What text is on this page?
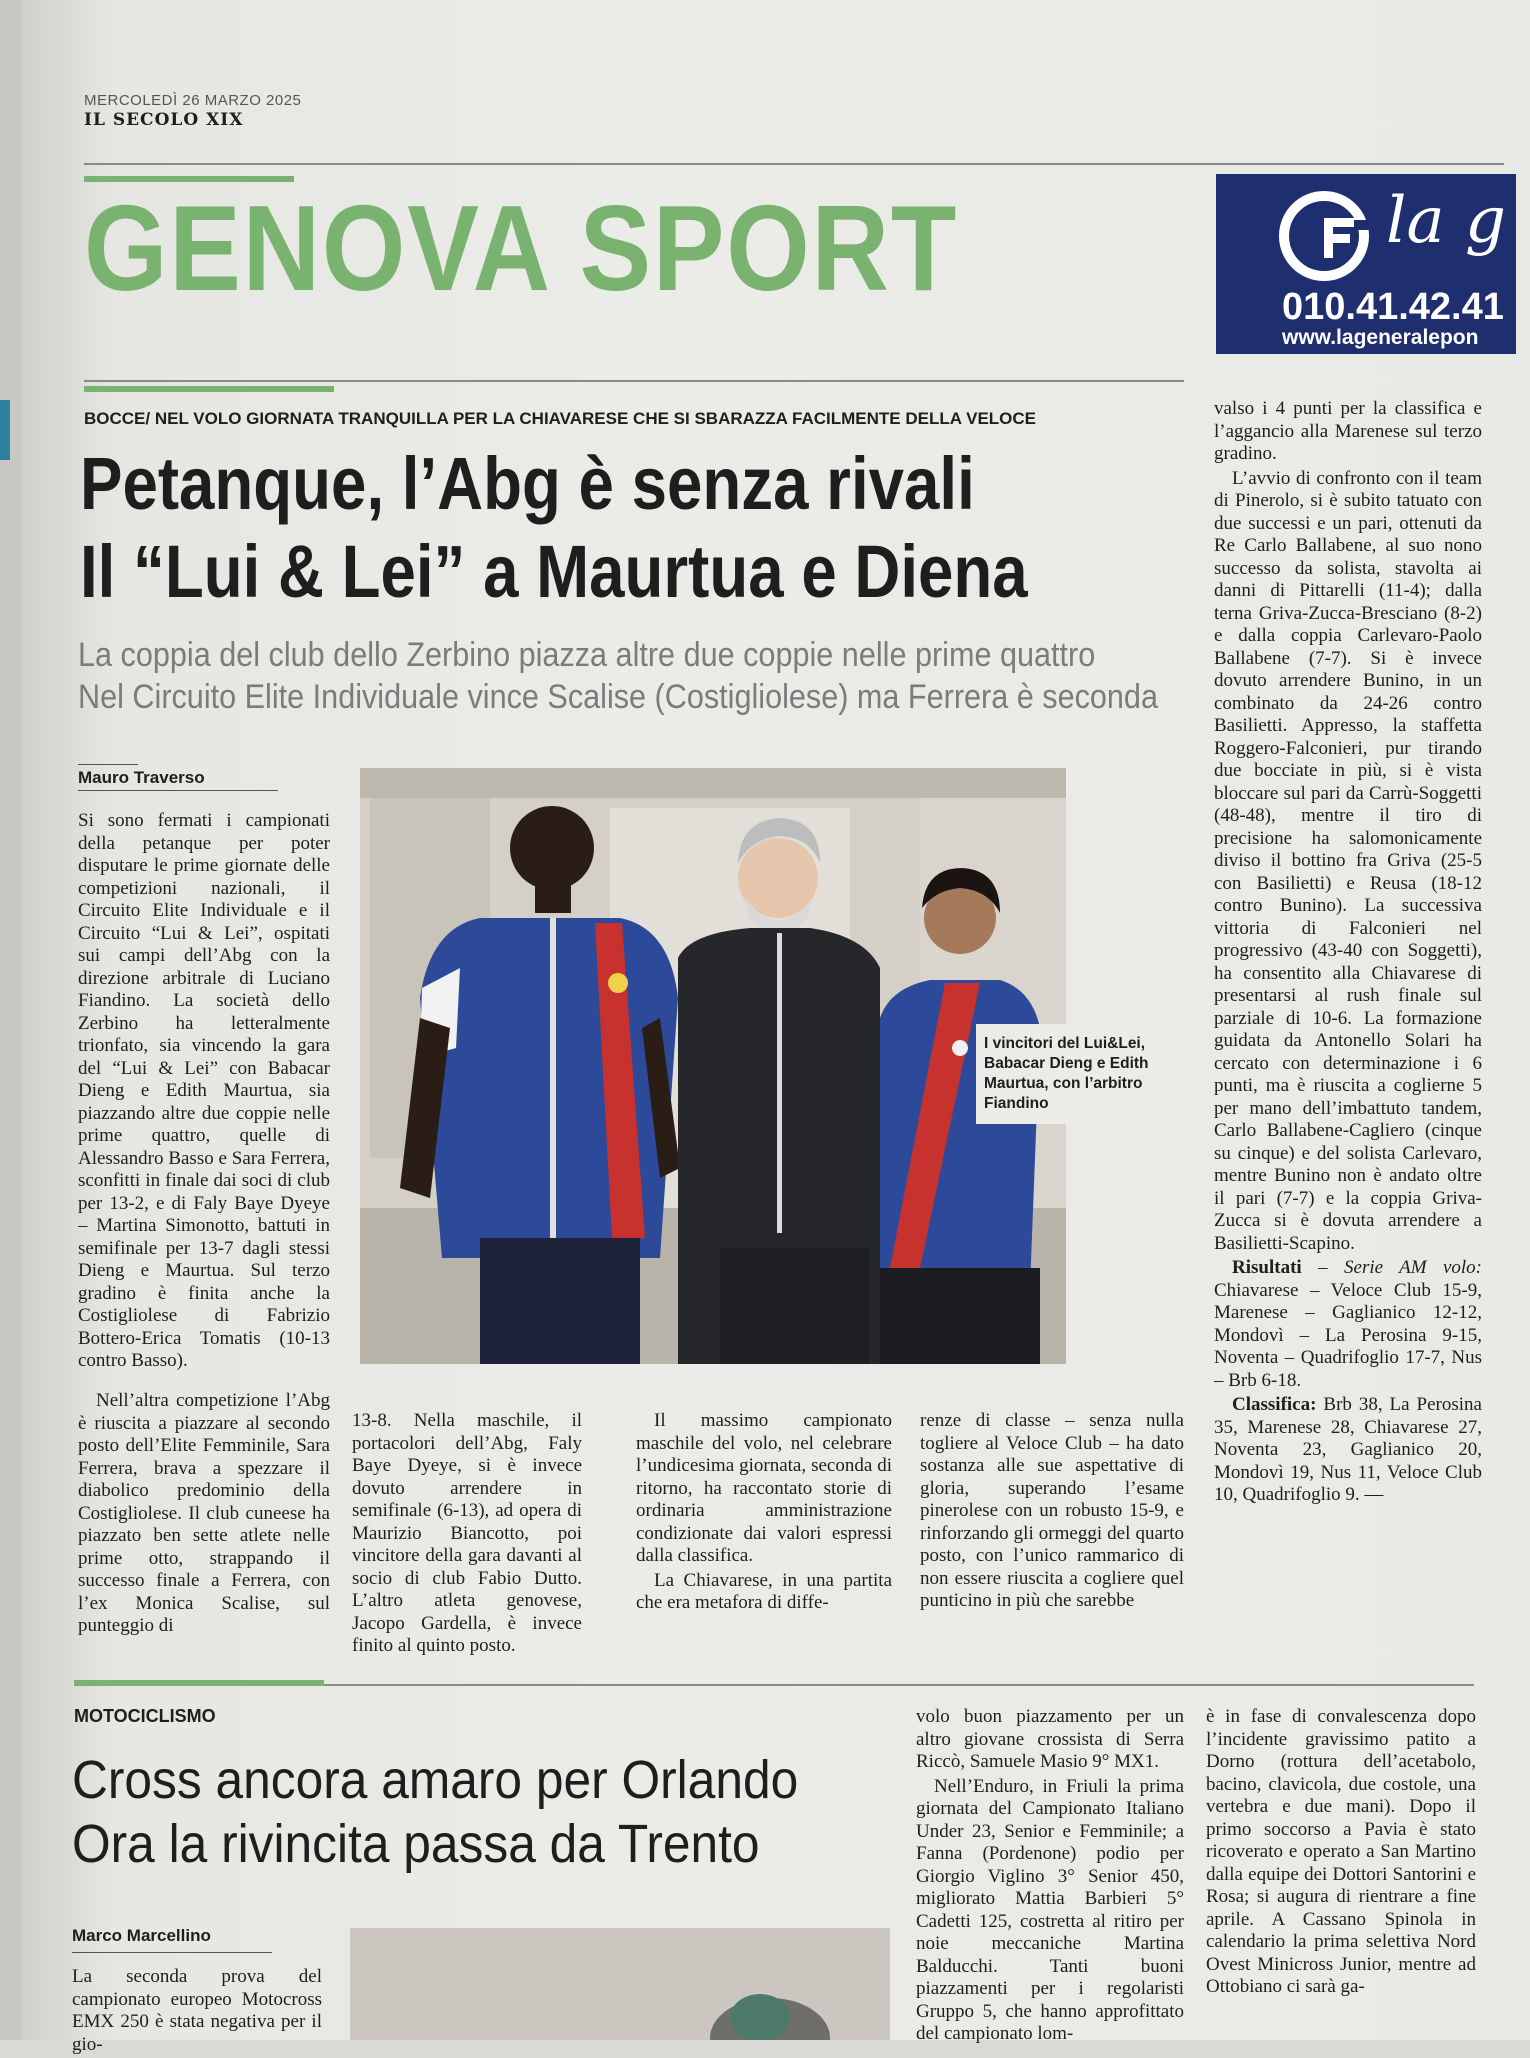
MERCOLEDÌ 26 MARZO 2025
IL SECOLO XIX
GENOVA SPORT	la g
010.41.42.41
www.lageneralepon
BOCCE/ NEL VOLO GIORNATA TRANQUILLA PER LA CHIAVARESE CHE SI SBARAZZA FACILMENTE DELLA VELOCE
Petanque, l’Abg è senza rivali
Il “Lui & Lei” a Maurtua e Diena
La coppia del club dello Zerbino piazza altre due coppie nelle prime quattro
Nel Circuito Elite Individuale vince Scalise (Costigliolese) ma Ferrera è seconda
Mauro Traverso

Si sono fermati i campionati della petanque per poter disputare le prime giornate delle competizioni nazionali, il Circuito Elite Individuale e il Circuito “Lui & Lei”, ospitati sui campi dell’Abg con la direzione arbitrale di Luciano Fiandino. La società dello Zerbino ha letteralmente trionfato, sia vincendo la gara del “Lui & Lei” con Babacar Dieng e Edith Maurtua, sia piazzando altre due coppie nelle prime quattro, quelle di Alessandro Basso e Sara Ferrera, sconfitti in finale dai soci di club per 13-2, e di Faly Baye Dyeye – Martina Simonotto, battuti in semifinale per 13-7 dagli stessi Dieng e Maurtua. Sul terzo gradino è finita anche la Costigliolese di Fabrizio Bottero-Erica Tomatis (10-13 contro Basso).

Nell’altra competizione l’Abg è riuscita a piazzare al secondo posto dell’Elite Femminile, Sara Ferrera, brava a spezzare il diabolico predominio della Costigliolese. Il club cuneese ha piazzato ben sette atlete nelle prime otto, strappando il successo finale a Ferrera, con l’ex Monica Scalise, sul punteggio di

I vincitori del Lui&Lei, Babacar Dieng e Edith Maurtua, con l’arbitro Fiandino

13-8. Nella maschile, il portacolori dell’Abg, Faly Baye Dyeye, si è invece dovuto arrendere in semifinale (6-13), ad opera di Maurizio Biancotto, poi vincitore della gara davanti al socio di club Fabio Dutto. L’altro atleta genovese, Jacopo Gardella, è invece finito al quinto posto.

Il massimo campionato maschile del volo, nel celebrare l’undicesima giornata, seconda di ritorno, ha raccontato storie di ordinaria amministrazione condizionate dai valori espressi dalla classifica.

La Chiavarese, in una partita che era metafora di diffe-

renze di classe – senza nulla togliere al Veloce Club – ha dato sostanza alle sue aspettative di gloria, superando l’esame pinerolese con un robusto 15-9, e rinforzando gli ormeggi del quarto posto, con l’unico rammarico di non essere riuscita a cogliere quel punticino in più che sarebbe

valso i 4 punti per la classifica e l’aggancio alla Marenese sul terzo gradino.

L’avvio di confronto con il team di Pinerolo, si è subito tatuato con due successi e un pari, ottenuti da Re Carlo Ballabene, al suo nono successo da solista, stavolta ai danni di Pittarelli (11-4); dalla terna Griva-Zucca-Bresciano (8-2) e dalla coppia Carlevaro-Paolo Ballabene (7-7). Si è invece dovuto arrendere Bunino, in un combinato da 24-26 contro Basilietti. Appresso, la staffetta Roggero-Falconieri, pur tirando due bocciate in più, si è vista bloccare sul pari da Carrù-Soggetti (48-48), mentre il tiro di precisione ha salomonicamente diviso il bottino fra Griva (25-5 con Basilietti) e Reusa (18-12 contro Bunino). La successiva vittoria di Falconieri nel progressivo (43-40 con Soggetti), ha consentito alla Chiavarese di presentarsi al rush finale sul parziale di 10-6. La formazione guidata da Antonello Solari ha cercato con determinazione i 6 punti, ma è riuscita a coglierne 5 per mano dell’imbattuto tandem, Carlo Ballabene-Cagliero (cinque su cinque) e del solista Carlevaro, mentre Bunino non è andato oltre il pari (7-7) e la coppia Griva-Zucca si è dovuta arrendere a Basilietti-Scapino.

Risultati – Serie AM volo: Chiavarese – Veloce Club 15-9, Marenese – Gaglianico 12-12, Mondovì – La Perosina 9-15, Noventa – Quadrifoglio 17-7, Nus – Brb 6-18.

Classifica: Brb 38, La Perosina 35, Marenese 28, Chiavarese 27, Noventa 23, Gaglianico 20, Mondovì 19, Nus 11, Veloce Club 10, Quadrifoglio 9. —

MOTOCICLISMO
Cross ancora amaro per Orlando
Ora la rivincita passa da Trento
Marco Marcellino

La seconda prova del campionato europeo Motocross EMX 250 è stata negativa per il gio-

volo buon piazzamento per un altro giovane crossista di Serra Riccò, Samuele Masio 9° MX1.

Nell’Enduro, in Friuli la prima giornata del Campionato Italiano Under 23, Senior e Femminile; a Fanna (Pordenone) podio per Giorgio Viglino 3° Senior 450, migliorato Mattia Barbieri 5° Cadetti 125, costretta al ritiro per noie meccaniche Martina Balducchi. Tanti buoni piazzamenti per i regolaristi Gruppo 5, che hanno approfittato del campionato lom-

è in fase di convalescenza dopo l’incidente gravissimo patito a Dorno (rottura dell’acetabolo, bacino, clavicola, due costole, una vertebra e due mani). Dopo il primo soccorso a Pavia è stato ricoverato e operato a San Martino dalla equipe dei Dottori Santorini e Rosa; si augura di rientrare a fine aprile. A Cassano Spinola in calendario la prima selettiva Nord Ovest Minicross Junior, mentre ad Ottobiano ci sarà ga-
